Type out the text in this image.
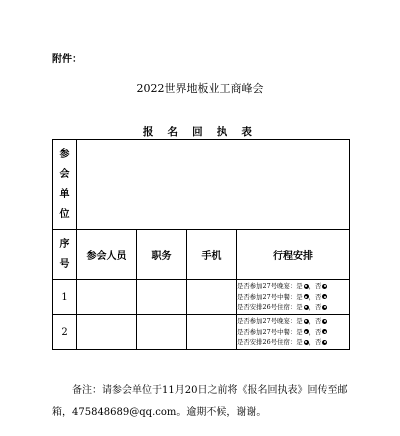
附件：
2022世界地板业工商峰会
报 名 回 执 表
参
会
单
位				

序
号	参会人员	职务	手机	行程安排
1				是否参加27号晚宴：是 ，否
是否参加27号中餐：是 ，否
是否安排26号住宿：是 ，否

2				是否参加27号晚宴：是 ，否
是否参加27号中餐：是 ，否
是否安排26号住宿：是 ，否
备注：请参会单位于11月20日之前将《报名回执表》回传至邮箱，475848689@qq.com。逾期不候，谢谢。
